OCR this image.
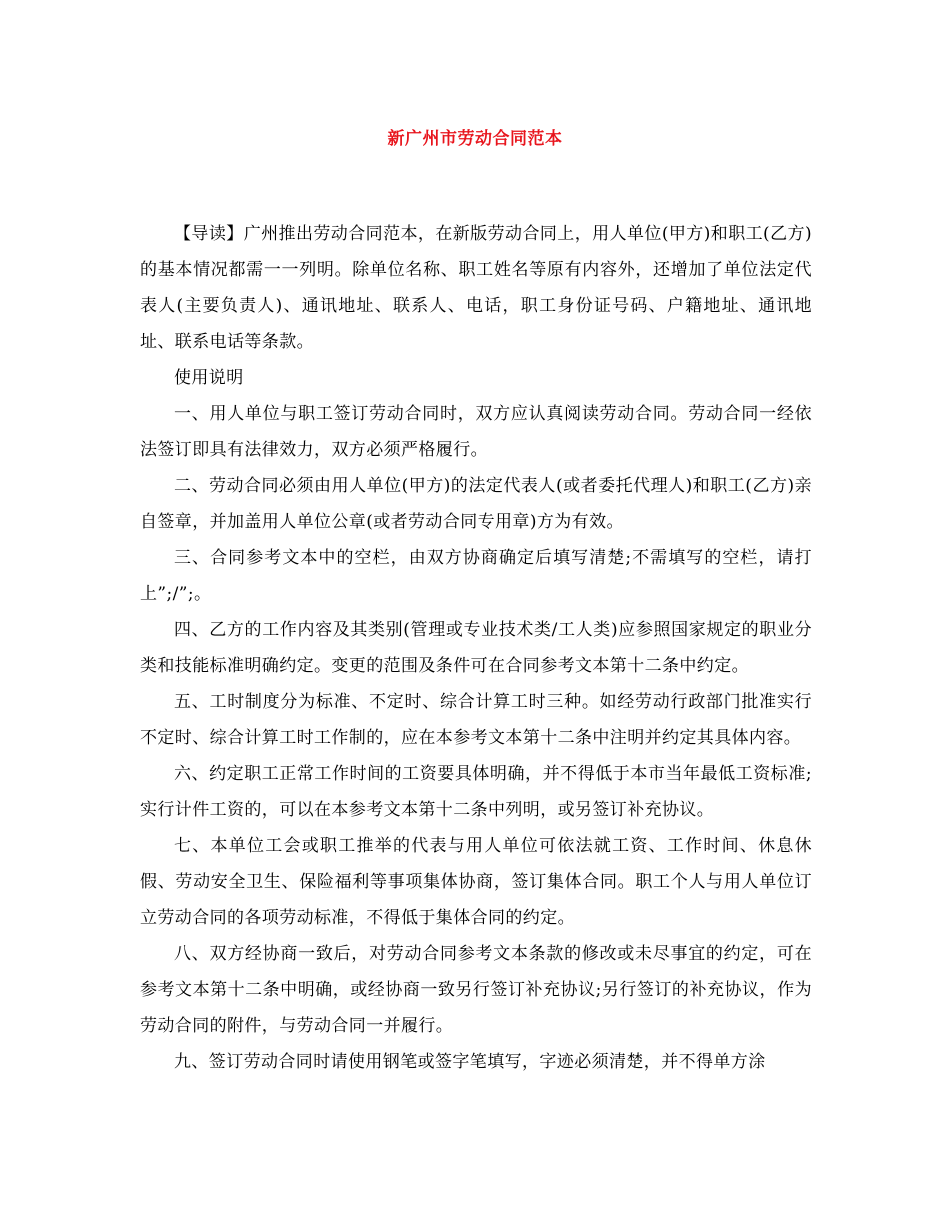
新广州市劳动合同范本

【导读】广州推出劳动合同范本，在新版劳动合同上，用人单位(甲方)和职工(乙方)的基本情况都需一一列明。除单位名称、职工姓名等原有内容外，还增加了单位法定代表人(主要负责人)、通讯地址、联系人、电话，职工身份证号码、户籍地址、通讯地址、联系电话等条款。

使用说明

一、用人单位与职工签订劳动合同时，双方应认真阅读劳动合同。劳动合同一经依法签订即具有法律效力，双方必须严格履行。

二、劳动合同必须由用人单位(甲方)的法定代表人(或者委托代理人)和职工(乙方)亲自签章，并加盖用人单位公章(或者劳动合同专用章)方为有效。

三、合同参考文本中的空栏，由双方协商确定后填写清楚;不需填写的空栏，请打上”;/”;。

四、乙方的工作内容及其类别(管理或专业技术类/工人类)应参照国家规定的职业分类和技能标准明确约定。变更的范围及条件可在合同参考文本第十二条中约定。

五、工时制度分为标准、不定时、综合计算工时三种。如经劳动行政部门批准实行不定时、综合计算工时工作制的，应在本参考文本第十二条中注明并约定其具体内容。

六、约定职工正常工作时间的工资要具体明确，并不得低于本市当年最低工资标准;实行计件工资的，可以在本参考文本第十二条中列明，或另签订补充协议。

七、本单位工会或职工推举的代表与用人单位可依法就工资、工作时间、休息休假、劳动安全卫生、保险福利等事项集体协商，签订集体合同。职工个人与用人单位订立劳动合同的各项劳动标准，不得低于集体合同的约定。

八、双方经协商一致后，对劳动合同参考文本条款的修改或未尽事宜的约定，可在参考文本第十二条中明确，或经协商一致另行签订补充协议;另行签订的补充协议，作为劳动合同的附件，与劳动合同一并履行。

九、签订劳动合同时请使用钢笔或签字笔填写，字迹必须清楚，并不得单方涂
